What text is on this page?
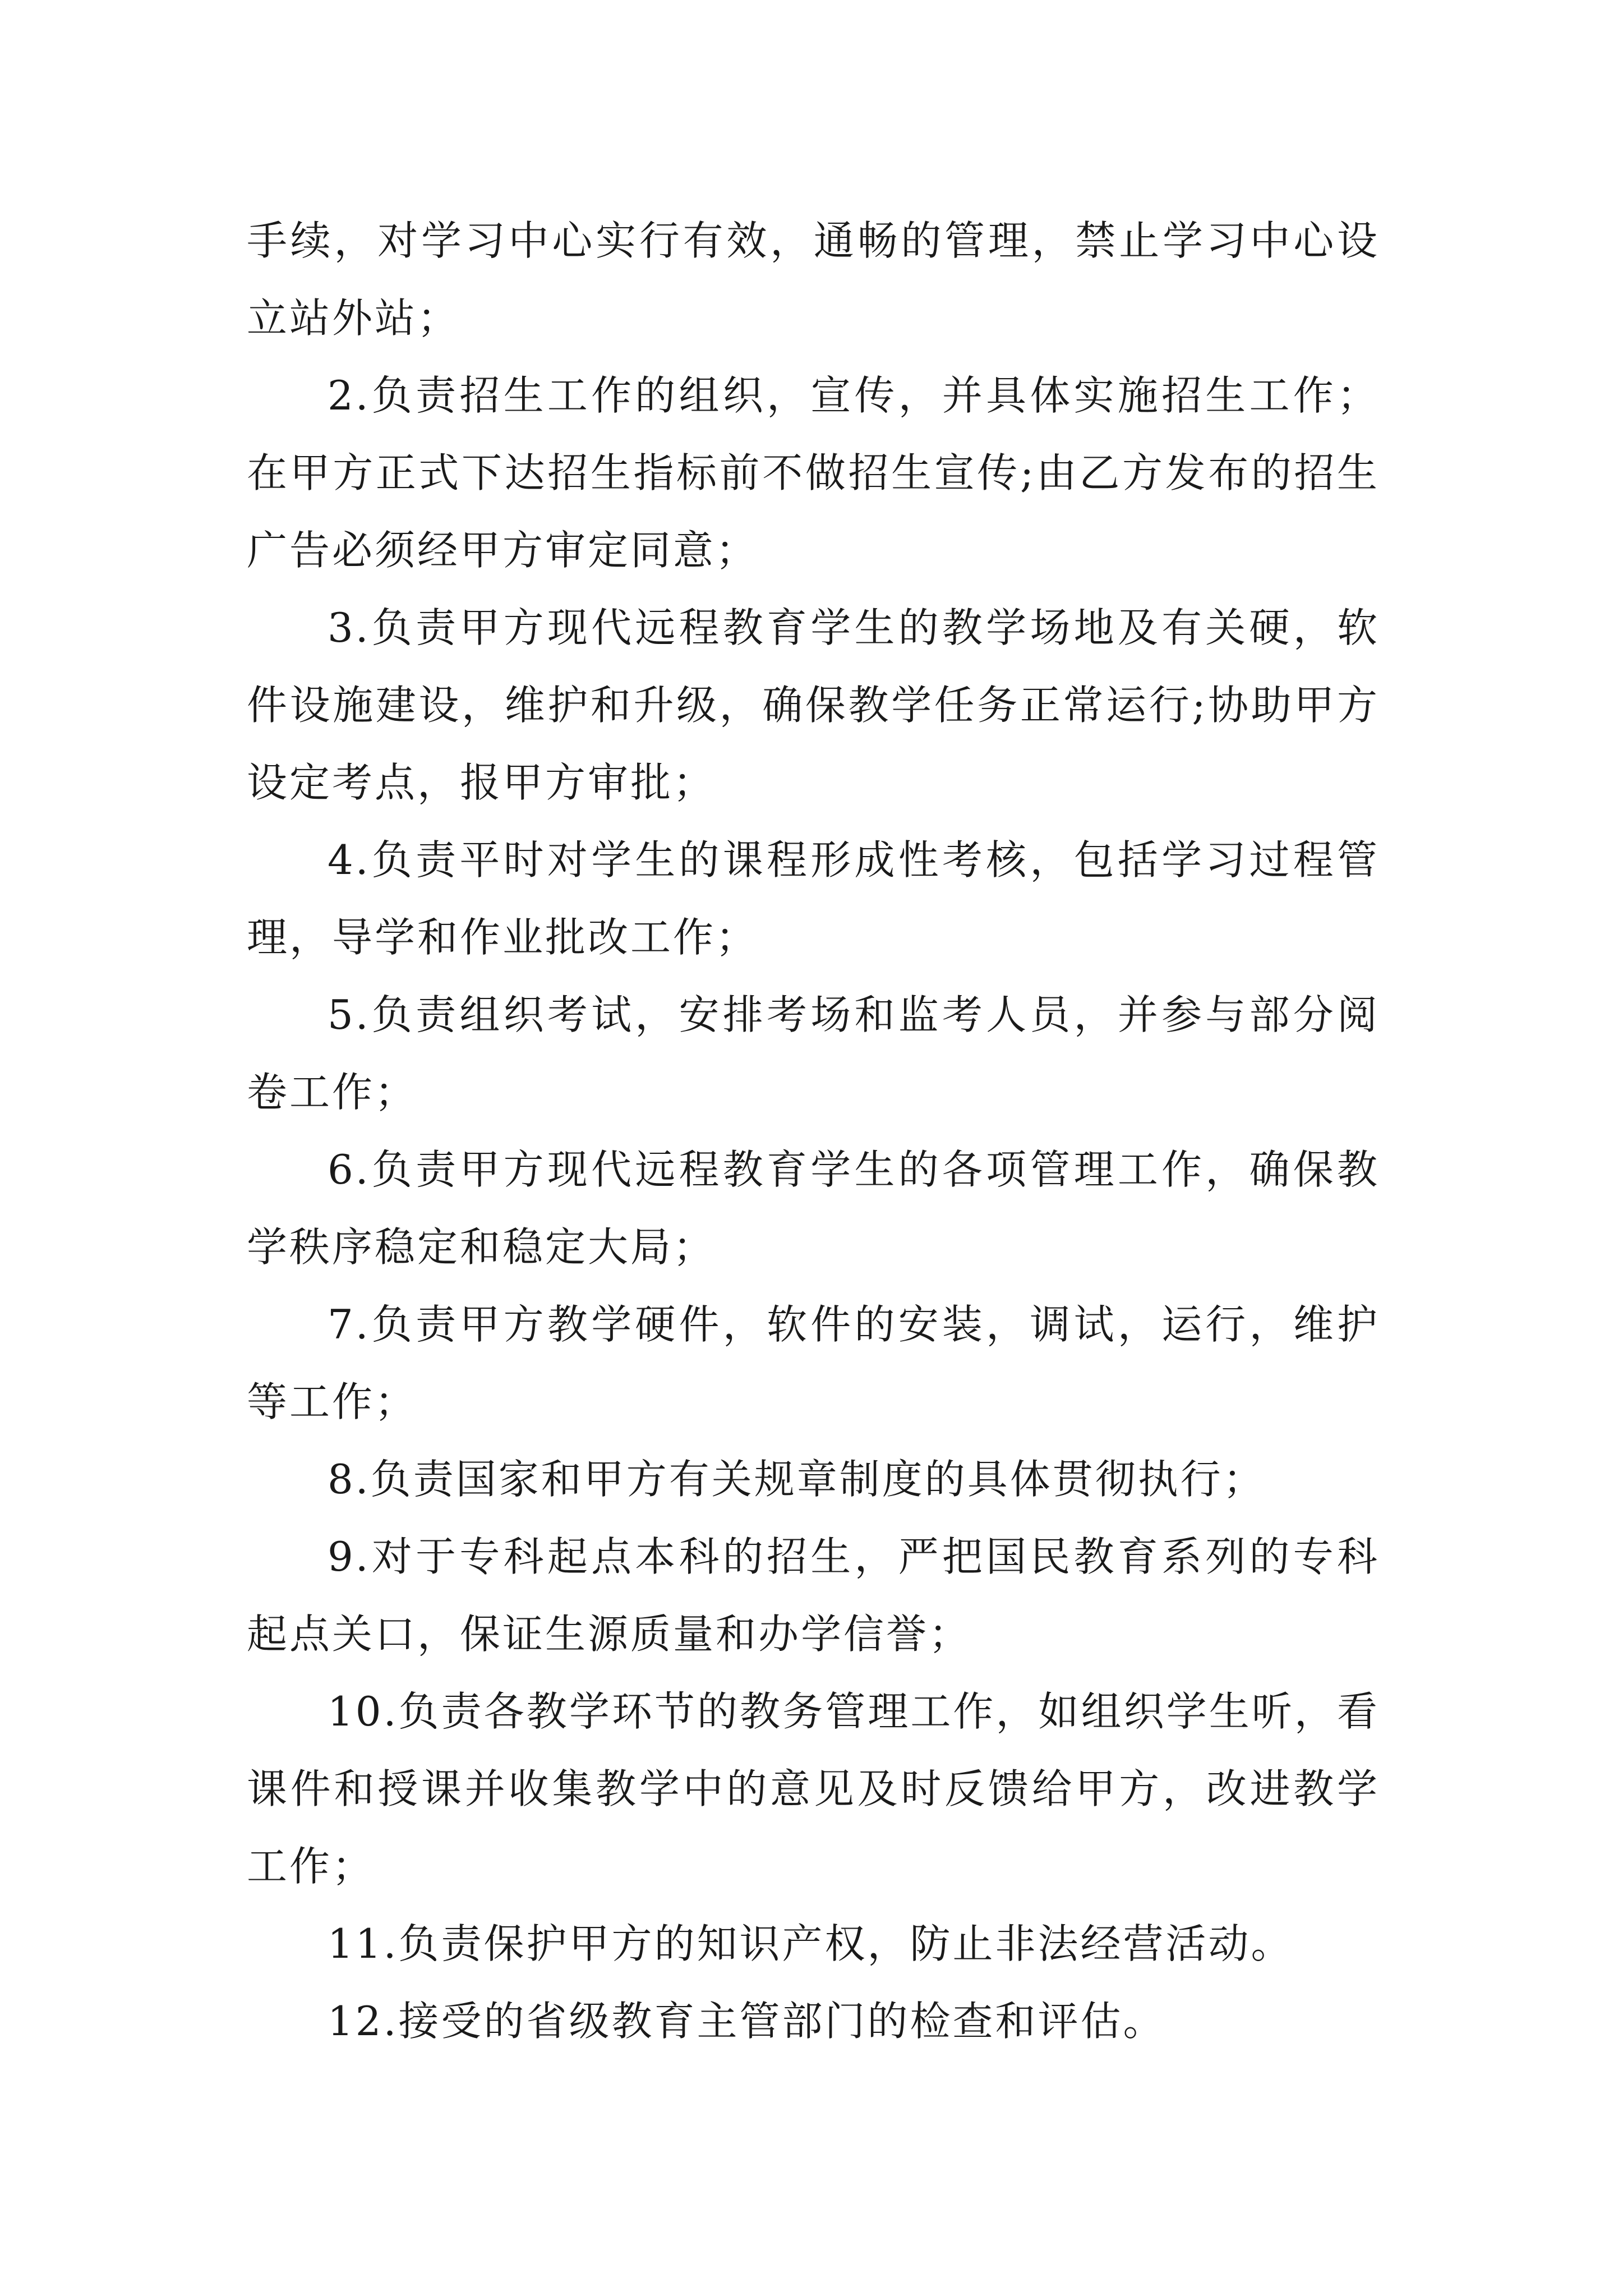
手续，对学习中心实行有效，通畅的管理，禁止学习中心设立站外站；

2.负责招生工作的组织，宣传，并具体实施招生工作；在甲方正式下达招生指标前不做招生宣传;由乙方发布的招生广告必须经甲方审定同意；

3.负责甲方现代远程教育学生的教学场地及有关硬，软件设施建设，维护和升级，确保教学任务正常运行;协助甲方设定考点，报甲方审批；

4.负责平时对学生的课程形成性考核，包括学习过程管理，导学和作业批改工作；

5.负责组织考试，安排考场和监考人员，并参与部分阅卷工作；

6.负责甲方现代远程教育学生的各项管理工作，确保教学秩序稳定和稳定大局；

7.负责甲方教学硬件，软件的安装，调试，运行，维护等工作；

8.负责国家和甲方有关规章制度的具体贯彻执行；

9.对于专科起点本科的招生，严把国民教育系列的专科起点关口，保证生源质量和办学信誉；

10.负责各教学环节的教务管理工作，如组织学生听，看课件和授课并收集教学中的意见及时反馈给甲方，改进教学工作；

11.负责保护甲方的知识产权，防止非法经营活动。

12.接受的省级教育主管部门的检查和评估。
